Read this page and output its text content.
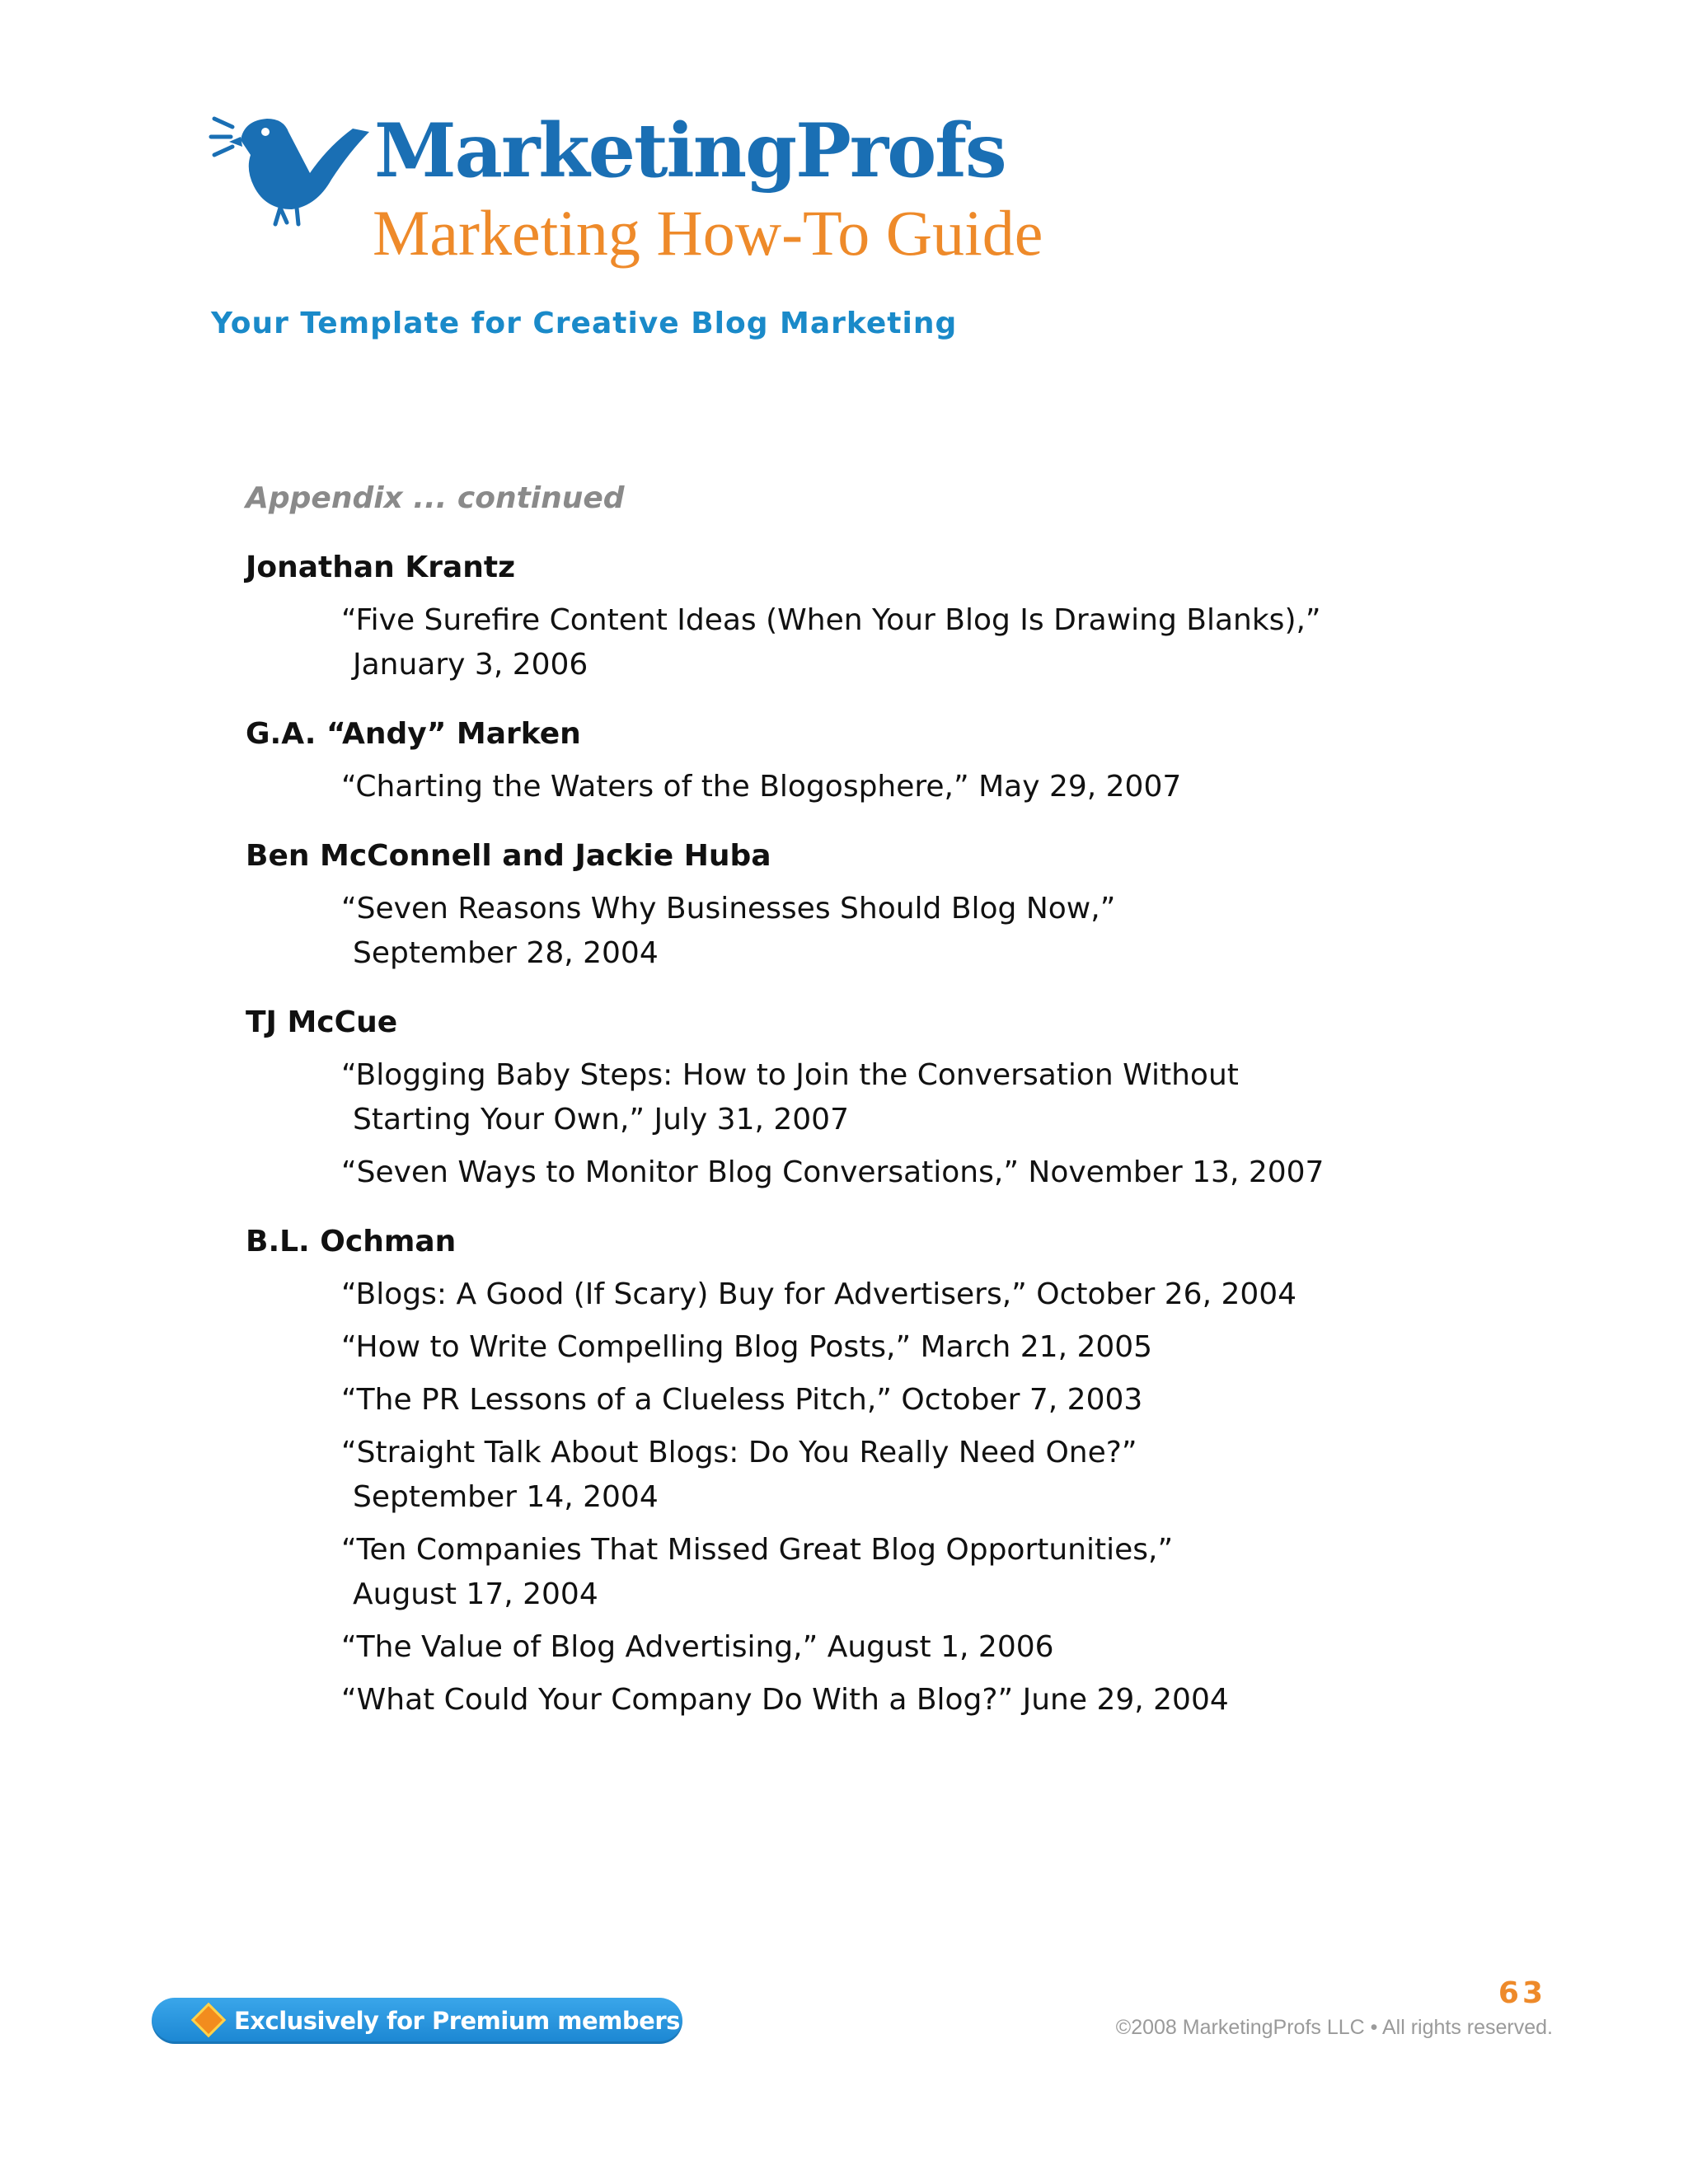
MarketingProfs
Marketing How-To Guide
Your Template for Creative Blog Marketing
Appendix ... continued
Jonathan Krantz
“Five Surefire Content Ideas (When Your Blog Is Drawing Blanks),”
January 3, 2006
G.A. “Andy” Marken
“Charting the Waters of the Blogosphere,” May 29, 2007
Ben McConnell and Jackie Huba
“Seven Reasons Why Businesses Should Blog Now,”
September 28, 2004
TJ McCue
“Blogging Baby Steps: How to Join the Conversation Without
Starting Your Own,” July 31, 2007
“Seven Ways to Monitor Blog Conversations,” November 13, 2007
B.L. Ochman
“Blogs: A Good (If Scary) Buy for Advertisers,” October 26, 2004
“How to Write Compelling Blog Posts,” March 21, 2005
“The PR Lessons of a Clueless Pitch,” October 7, 2003
“Straight Talk About Blogs: Do You Really Need One?”
September 14, 2004
“Ten Companies That Missed Great Blog Opportunities,”
August 17, 2004
“The Value of Blog Advertising,” August 1, 2006
“What Could Your Company Do With a Blog?” June 29, 2004
Exclusively for Premium members
63
©2008 MarketingProfs LLC • All rights reserved.
